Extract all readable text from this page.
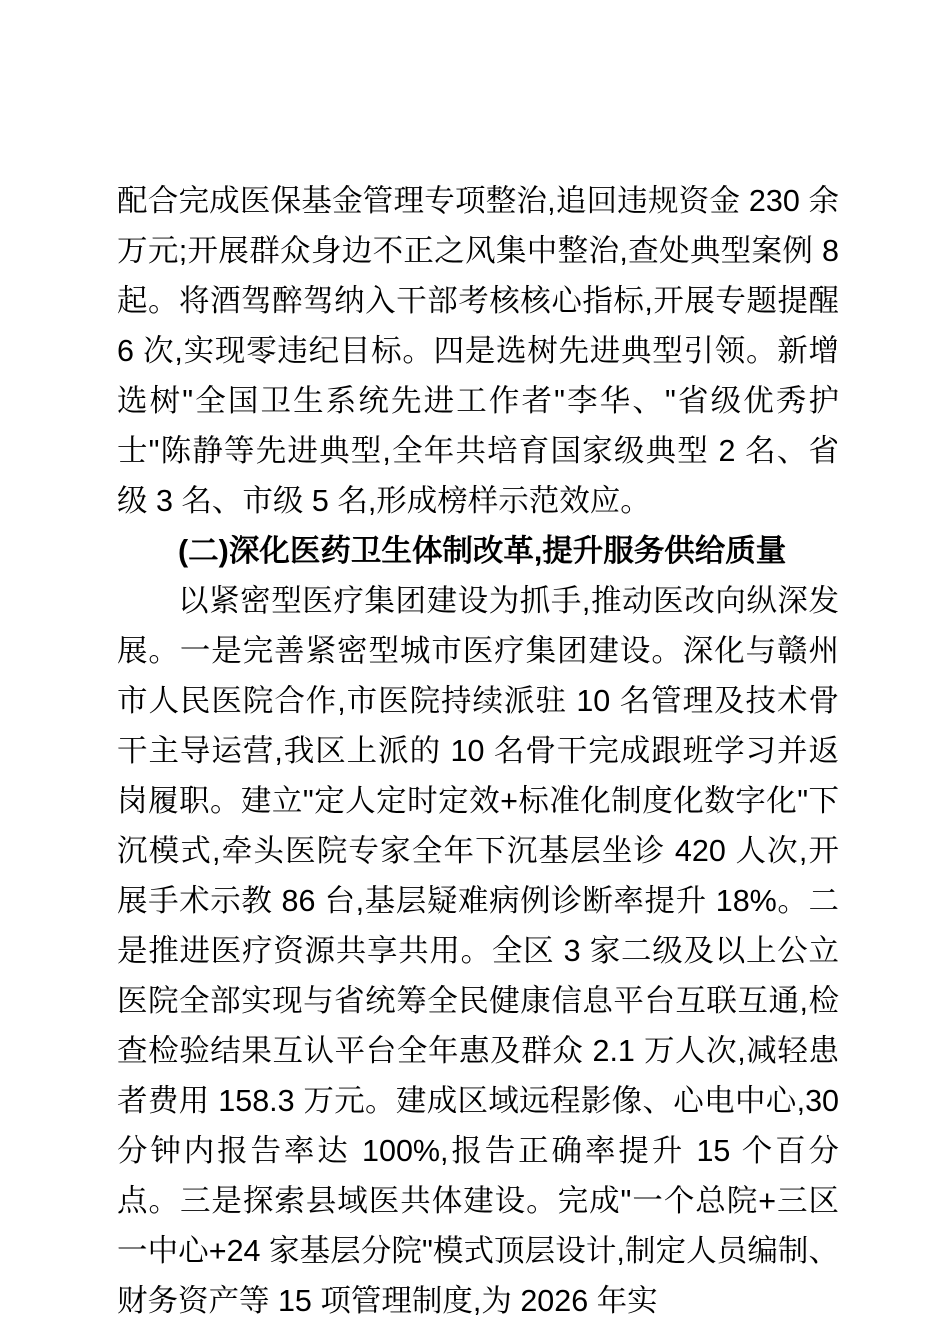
配合完成医保基金管理专项整治,追回违规资金 230 余万元;开展群众身边不正之风集中整治,查处典型案例 8 起。将酒驾醉驾纳入干部考核核心指标,开展专题提醒 6 次,实现零违纪目标。四是选树先进典型引领。新增选树"全国卫生系统先进工作者"李华、"省级优秀护士"陈静等先进典型,全年共培育国家级典型 2 名、省级 3 名、市级 5 名,形成榜样示范效应。

(二)深化医药卫生体制改革,提升服务供给质量

以紧密型医疗集团建设为抓手,推动医改向纵深发展。一是完善紧密型城市医疗集团建设。深化与赣州市人民医院合作,市医院持续派驻 10 名管理及技术骨干主导运营,我区上派的 10 名骨干完成跟班学习并返岗履职。建立"定人定时定效+标准化制度化数字化"下沉模式,牵头医院专家全年下沉基层坐诊 420 人次,开展手术示教 86 台,基层疑难病例诊断率提升 18%。二是推进医疗资源共享共用。全区 3 家二级及以上公立医院全部实现与省统筹全民健康信息平台互联互通,检查检验结果互认平台全年惠及群众 2.1 万人次,减轻患者费用 158.3 万元。建成区域远程影像、心电中心,30 分钟内报告率达 100%,报告正确率提升 15 个百分点。三是探索县域医共体建设。完成"一个总院+三区一中心+24 家基层分院"模式顶层设计,制定人员编制、财务资产等 15 项管理制度,为 2026 年实
